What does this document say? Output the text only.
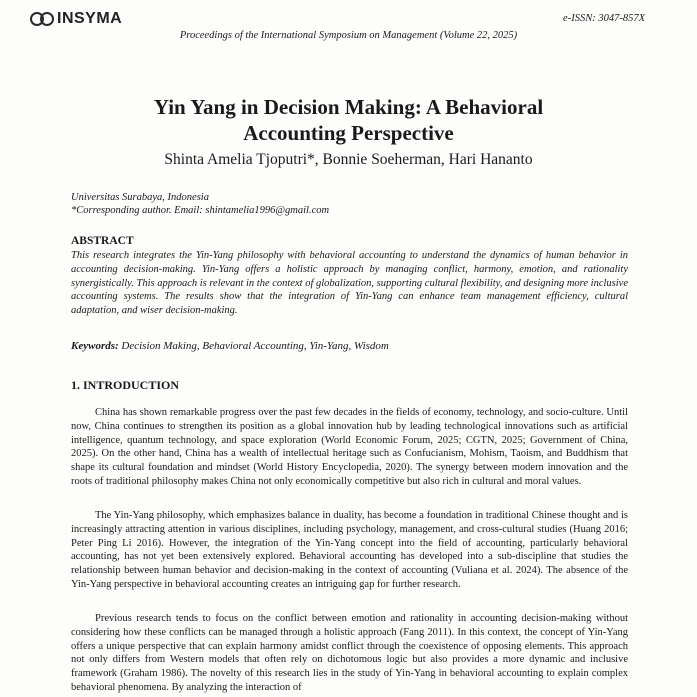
INSYMA	e-ISSN: 3047-857X
Proceedings of the International Symposium on Management (Volume 22, 2025)
Yin Yang in Decision Making: A Behavioral
Accounting Perspective
Shinta Amelia Tjoputri*, Bonnie Soeherman, Hari Hananto
Universitas Surabaya, Indonesia
*Corresponding author. Email: shintamelia1996@gmail.com
ABSTRACT
This research integrates the Yin-Yang philosophy with behavioral accounting to understand the dynamics of human behavior in accounting decision-making. Yin-Yang offers a holistic approach by managing conflict, harmony, emotion, and rationality synergistically. This approach is relevant in the context of globalization, supporting cultural flexibility, and designing more inclusive accounting systems. The results show that the integration of Yin-Yang can enhance team management efficiency, cultural adaptation, and wiser decision-making.
Keywords: Decision Making, Behavioral Accounting, Yin-Yang, Wisdom
1. INTRODUCTION
China has shown remarkable progress over the past few decades in the fields of economy, technology, and socio-culture. Until now, China continues to strengthen its position as a global innovation hub by leading technological innovations such as artificial intelligence, quantum technology, and space exploration (World Economic Forum, 2025; CGTN, 2025; Government of China, 2025). On the other hand, China has a wealth of intellectual heritage such as Confucianism, Mohism, Taoism, and Buddhism that shape its cultural foundation and mindset (World History Encyclopedia, 2020). The synergy between modern innovation and the roots of traditional philosophy makes China not only economically competitive but also rich in cultural and moral values.
The Yin-Yang philosophy, which emphasizes balance in duality, has become a foundation in traditional Chinese thought and is increasingly attracting attention in various disciplines, including psychology, management, and cross-cultural studies (Huang 2016; Peter Ping Li 2016). However, the integration of the Yin-Yang concept into the field of accounting, particularly behavioral accounting, has not yet been extensively explored. Behavioral accounting has developed into a sub-discipline that studies the relationship between human behavior and decision-making in the context of accounting (Vuliana et al. 2024). The absence of the Yin-Yang perspective in behavioral accounting creates an intriguing gap for further research.
Previous research tends to focus on the conflict between emotion and rationality in accounting decision-making without considering how these conflicts can be managed through a holistic approach (Fang 2011). In this context, the concept of Yin-Yang offers a unique perspective that can explain harmony amidst conflict through the coexistence of opposing elements. This approach not only differs from Western models that often rely on dichotomous logic but also provides a more dynamic and inclusive framework (Graham 1986). The novelty of this research lies in the study of Yin-Yang in behavioral accounting to explain complex behavioral phenomena. By analyzing the interaction of
